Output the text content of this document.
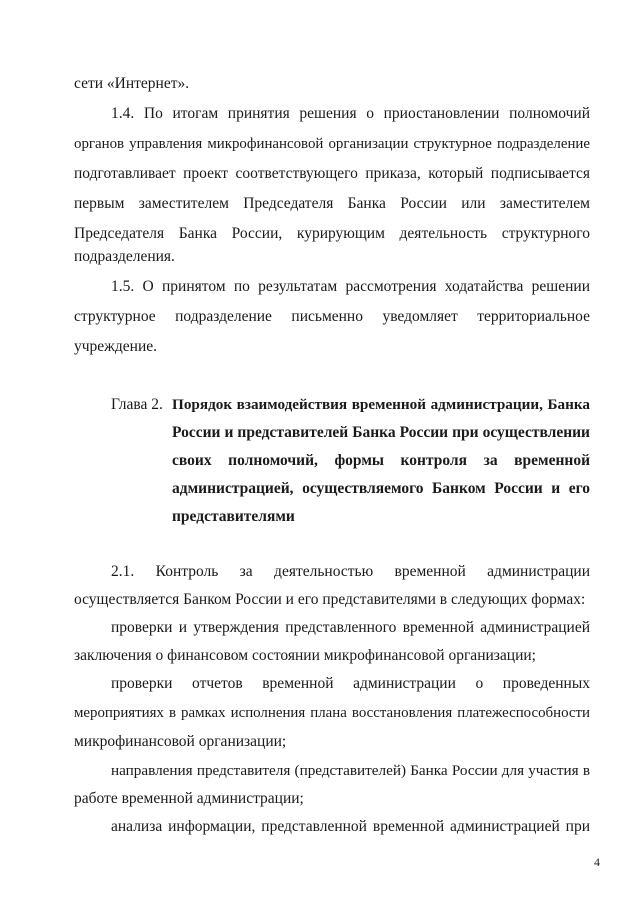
сети «Интернет».
1.4. По итогам принятия решения о приостановлении полномочий
органов управления микрофинансовой организации структурное подразделение
подготавливает проект соответствующего приказа, который подписывается
первым заместителем Председателя Банка России или заместителем
Председателя Банка России, курирующим деятельность структурного
подразделения.
1.5. О принятом по результатам рассмотрения ходатайства решении
структурное подразделение письменно уведомляет территориальное
учреждение.
Глава 2. Порядок взаимодействия временной администрации, Банка
России и представителей Банка России при осуществлении
своих полномочий, формы контроля за временной
администрацией, осуществляемого Банком России и его
представителями
2.1. Контроль за деятельностью временной администрации
осуществляется Банком России и его представителями в следующих формах:
проверки и утверждения представленного временной администрацией
заключения о финансовом состоянии микрофинансовой организации;
проверки отчетов временной администрации о проведенных
мероприятиях в рамках исполнения плана восстановления платежеспособности
микрофинансовой организации;
направления представителя (представителей) Банка России для участия в
работе временной администрации;
анализа информации, представленной временной администрацией при
4
